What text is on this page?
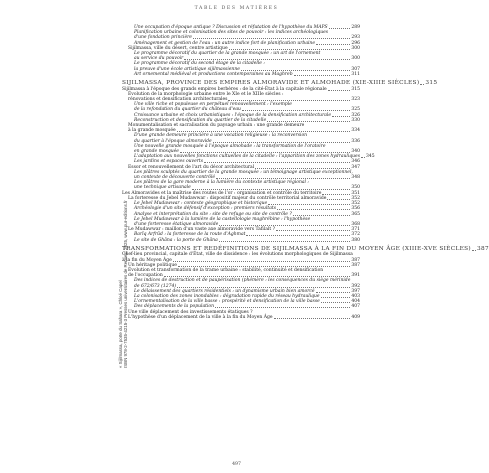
TABLE DES MATIÈRES
« Sijilmassa, porte du Sahara », Chloé Capel ISBN 978-2-7535-4215-3 Presses universitaires de Rennes, 2025, www.pur-editions.fr
Une occupation d'époque antique ? Discussion et réfutation de l'hypothèse du MAPS	289
Planification urbaine et colonisation des sites de pouvoir : les indices archéologiques
d'une fondation princière	293
Aménagement et gestion de l'eau : un autre indice fort de planification urbaine	296
Sijilmassa, ville du désert, centre artistique	300
Le programme décoratif du quartier de la grande mosquée : un art de l'ornement
au service du pouvoir	300
Le programme décoratif du second étage de la citadelle :
la preuve d'une école artistique sijilmassienne	307
Art ornemental médiéval et productions contemporaines au Maghreb	311
SIJILMASSA, PROVINCE DES EMPIRES ALMORAVIDE ET ALMOHADE (XIE-XIIIE SIÈCLES) 315
Sijilmassa à l'époque des grands empires berbères : de la cité-État à la capitale régionale	315
Évolution de la morphologie urbaine entre le XIe et le XIIIe siècles :
rénovations et densification architecturales	323
Une ville riche et populeuse en perpétuel renouvellement : l'exemple
de la refondation du quartier du château d'eau	325
Croissance urbaine et choix urbanistiques : l'époque de la densification architecturale	326
Reconstruction et densification du quartier de la citadelle	330
Monumentalisation et sacralisation du paysage urbain : une grande demeure
à la grande mosquée	334
D'une grande demeure princière à une vocation religieuse : la reconversion
du quartier à l'époque almoravide	336
Une nouvelle grande mosquée à l'époque almohade : la transformation de l'oratoire
en grande mosquée	340
L'adaptation aux nouvelles fonctions cultuelles de la citadelle : l'apparition des zones hydrauliques 345
Les jardins et espaces ouverts	346
Essor et renouvellement de l'art du décor architectural	347
Les plâtres sculptés du quartier de la grande mosquée : un témoignage artistique exceptionnel,
un contexte de découverte contrôlé	348
Les plâtres de la gare moderne à la lumière du contexte artistique régional :
une technique artisanale	350
Les Almoravides et la maîtrise des routes de l'or : organisation et contrôle du territoire	351
La forteresse du Jebel Mudawwar : dispositif majeur du contrôle territorial almoravide	352
Le Jebel Mudawwar : contexte géographique et historique	352
Archéologie d'un site défensif d'exception : premiers résultats	356
Analyse et interprétation du site : site de refuge ou site de contrôle ?	365
Le Jebel Mudawwar à la lumière de la castellologie maghrébine : l'hypothèse
d'une forteresse étatique almoravide	368
Le Mudawwar : maillon d'un vaste axe almoravide vers Tafilalt ?	371
Barīq Arfrūd : la forteresse de la route d'Aghmat	372
Le site de Ghāna : la porte de Ghāna	380
TRANSFORMATIONS ET REDÉFINITIONS DE SIJILMASSA À LA FIN DU MOYEN ÂGE (XIIIE-XVE SIÈCLES) 387
Chef-lieu provincial, capitale d'État, ville de dissidence : les évolutions morphologiques de Sijilmassa
à la fin du Moyen Âge	387
Un héritage politique	387
Évolution et transformation de la trame urbaine : stabilité, continuité et densification
de l'occupation	391
Des indices de destruction et de paupérisation (phémère : les conséquences du siège mérinide
de 672/673 (1274)	392
Le délaissement des quartiers résidentiels : un dynamisme urbain bien amorcé	397
La colonisation des zones inondables : dégradation rapide du réseau hydraulique	403
L'ornementalisation de la ville basse : prospérité et densification de la ville basse	404
Des déplacements de la population	407
Une ville déplacement des investissements étatiques ?
L'hypothèse d'un déplacement de la ville à la fin du Moyen Âge	409
497
